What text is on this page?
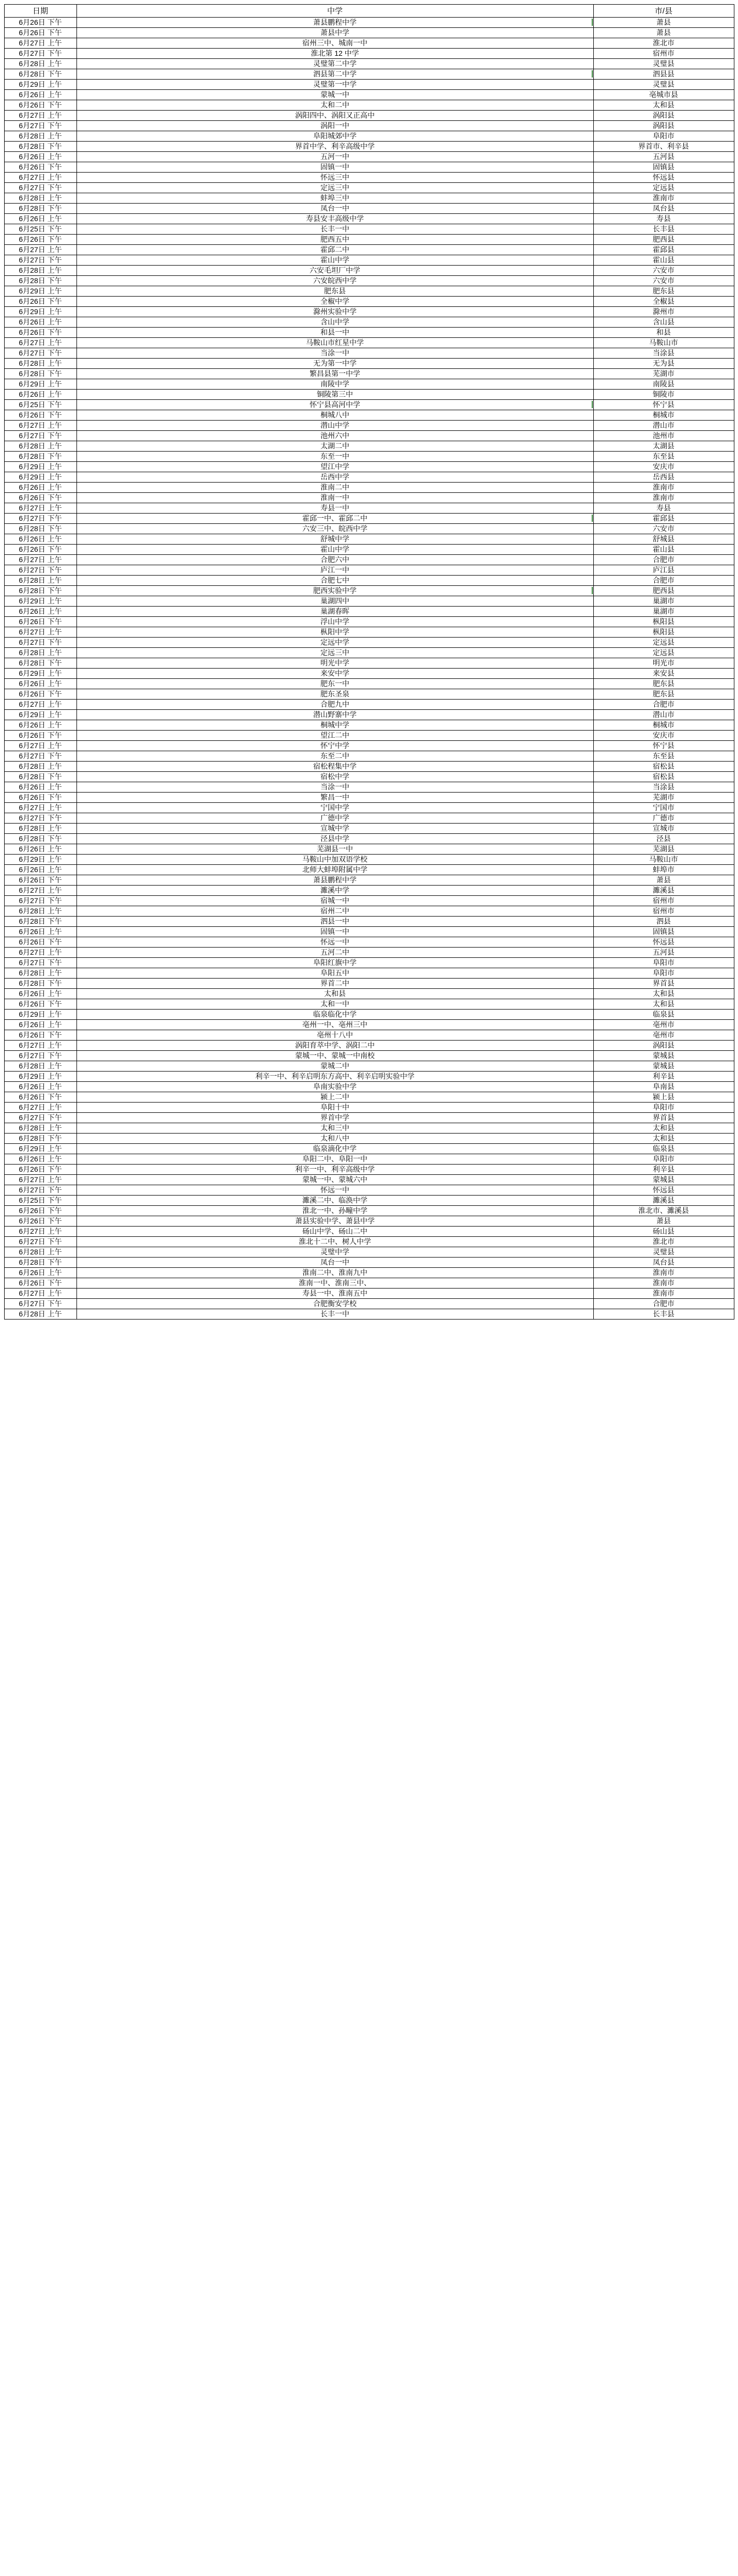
日期	中学	市/县
6月26日 下午	萧县鹏程中学	萧县
6月26日 下午	萧县中学	萧县
6月27日 上午	宿州三中、城南一中	淮北市
6月27日 下午	淮北第 12 中学	宿州市
6月28日 上午	灵璧第二中学	灵璧县
6月28日 下午	泗县第二中学	泗县县
6月29日 上午	灵璧第一中学	灵璧县
6月26日 上午	蒙城一中	亳城市县
6月26日 下午	太和二中	太和县
6月27日 上午	涡阳四中、涡阳又正高中	涡阳县
6月27日 下午	涡阳一中	涡阳县
6月28日 上午	阜阳城郊中学	阜阳市
6月28日 下午	界首中学、利辛高级中学	界首市、利辛县
6月26日 上午	五河一中	五河县
6月26日 下午	固镇一中	固镇县
6月27日 上午	怀远三中	怀远县
6月27日 下午	定远三中	定远县
6月28日 上午	蚌埠三中	淮南市
6月28日 下午	凤台一中	凤台县
6月26日 上午	寿县安丰高级中学	寿县
6月25日 下午	长丰一中	长丰县
6月26日 下午	肥西五中	肥西县
6月27日 上午	霍邱二中	霍邱县
6月27日 下午	霍山中学	霍山县
6月28日 上午	六安毛坦厂中学	六安市
6月28日 下午	六安皖西中学	六安市
6月29日 上午	肥东县	肥东县
6月26日 下午	全椒中学	全椒县
6月29日 上午	滁州实验中学	滁州市
6月26日 上午	含山中学	含山县
6月26日 下午	和县一中	和县
6月27日 上午	马鞍山市红星中学	马鞍山市
6月27日 下午	当涂一中	当涂县
6月28日 上午	无为第一中学	无为县
6月28日 下午	繁昌县第一中学	芜湖市
6月29日 上午	南陵中学	南陵县
6月26日 上午	铜陵第三中	铜陵市
6月25日 下午	怀宁县高河中学	怀宁县
6月26日 下午	桐城八中	桐城市
6月27日 上午	潜山中学	潜山市
6月27日 下午	池州六中	池州市
6月28日 上午	太湖二中	太湖县
6月28日 下午	东至一中	东至县
6月29日 上午	望江中学	安庆市
6月29日 上午	岳西中学	岳西县
6月26日 上午	淮南二中	淮南市
6月26日 下午	淮南一中	淮南市
6月27日 上午	寿县一中	寿县
6月27日 下午	霍邱一中、霍邱二中	霍邱县
6月28日 下午	六安三中、皖西中学	六安市
6月26日 上午	舒城中学	舒城县
6月26日 下午	霍山中学	霍山县
6月27日 上午	合肥六中	合肥市
6月27日 下午	庐江一中	庐江县
6月28日 上午	合肥七中	合肥市
6月28日 下午	肥西实验中学	肥西县
6月29日 上午	巢湖四中	巢湖市
6月26日 上午	巢湖春晖	巢湖市
6月26日 下午	浮山中学	枞阳县
6月27日 上午	枞阳中学	枞阳县
6月27日 下午	定远中学	定远县
6月28日 上午	定远三中	定远县
6月28日 下午	明光中学	明光市
6月29日 上午	来安中学	来安县
6月26日 上午	肥东一中	肥东县
6月26日 下午	肥东圣泉	肥东县
6月27日 上午	合肥九中	合肥市
6月29日 上午	潜山野寨中学	潜山市
6月26日 上午	桐城中学	桐城市
6月26日 下午	望江二中	安庆市
6月27日 上午	怀宁中学	怀宁县
6月27日 下午	东至二中	东至县
6月28日 上午	宿松程集中学	宿松县
6月28日 下午	宿松中学	宿松县
6月26日 上午	当涂一中	当涂县
6月26日 下午	繁昌一中	芜湖市
6月27日 上午	宁国中学	宁国市
6月27日 下午	广德中学	广德市
6月28日 上午	宣城中学	宣城市
6月28日 下午	泾县中学	泾县
6月26日 上午	芜湖县一中	芜湖县
6月29日 上午	马鞍山中加双语学校	马鞍山市
6月26日 上午	北师大蚌埠附属中学	蚌埠市
6月26日 下午	萧县鹏程中学	萧县
6月27日 上午	濉溪中学	濉溪县
6月27日 下午	宿城一中	宿州市
6月28日 上午	宿州二中	宿州市
6月28日 下午	泗县一中	泗县
6月26日 上午	固镇一中	固镇县
6月26日 下午	怀远一中	怀远县
6月27日 上午	五河二中	五河县
6月27日 下午	阜阳红旗中学	阜阳市
6月28日 上午	阜阳五中	阜阳市
6月28日 下午	界首二中	界首县
6月26日 上午	太和县	太和县
6月26日 下午	太和一中	太和县
6月29日 上午	临泉临化中学	临泉县
6月26日 上午	亳州一中、亳州三中	亳州市
6月26日 下午	亳州十八中	亳州市
6月27日 上午	涡阳育萃中学、涡阳二中	涡阳县
6月27日 下午	蒙城一中、蒙城一中南校	蒙城县
6月28日 上午	蒙城二中	蒙城县
6月29日 上午	利辛一中、利辛启明东方高中、利辛启明实验中学	利辛县
6月26日 上午	阜南实验中学	阜南县
6月26日 下午	颍上二中	颍上县
6月27日 上午	阜阳十中	阜阳市
6月27日 下午	界首中学	界首县
6月28日 上午	太和三中	太和县
6月28日 下午	太和八中	太和县
6月29日 上午	临泉滴化中学	临泉县
6月26日 上午	阜阳二中、阜阳一中	阜阳市
6月26日 下午	利辛一中、利辛高级中学	利辛县
6月27日 上午	蒙城一中、蒙城六中	蒙城县
6月27日 下午	怀远一中	怀远县
6月25日 下午	濉溪二中、临涣中学	濉溪县
6月26日 下午	淮北一中、孙疃中学	淮北市、濉溪县
6月26日 下午	萧县实验中学、萧县中学	萧县
6月27日 上午	砀山中学、砀山二中	砀山县
6月27日 下午	淮北十二中、树人中学	淮北市
6月28日 上午	灵璧中学	灵璧县
6月28日 下午	凤台一中	凤台县
6月26日 上午	淮南二中、淮南九中	淮南市
6月26日 下午	淮南一中、淮南三中、	淮南市
6月27日 上午	寿县一中、淮南五中	淮南市
6月27日 下午	合肥衡安学校	合肥市
6月28日 上午	长丰一中	长丰县
